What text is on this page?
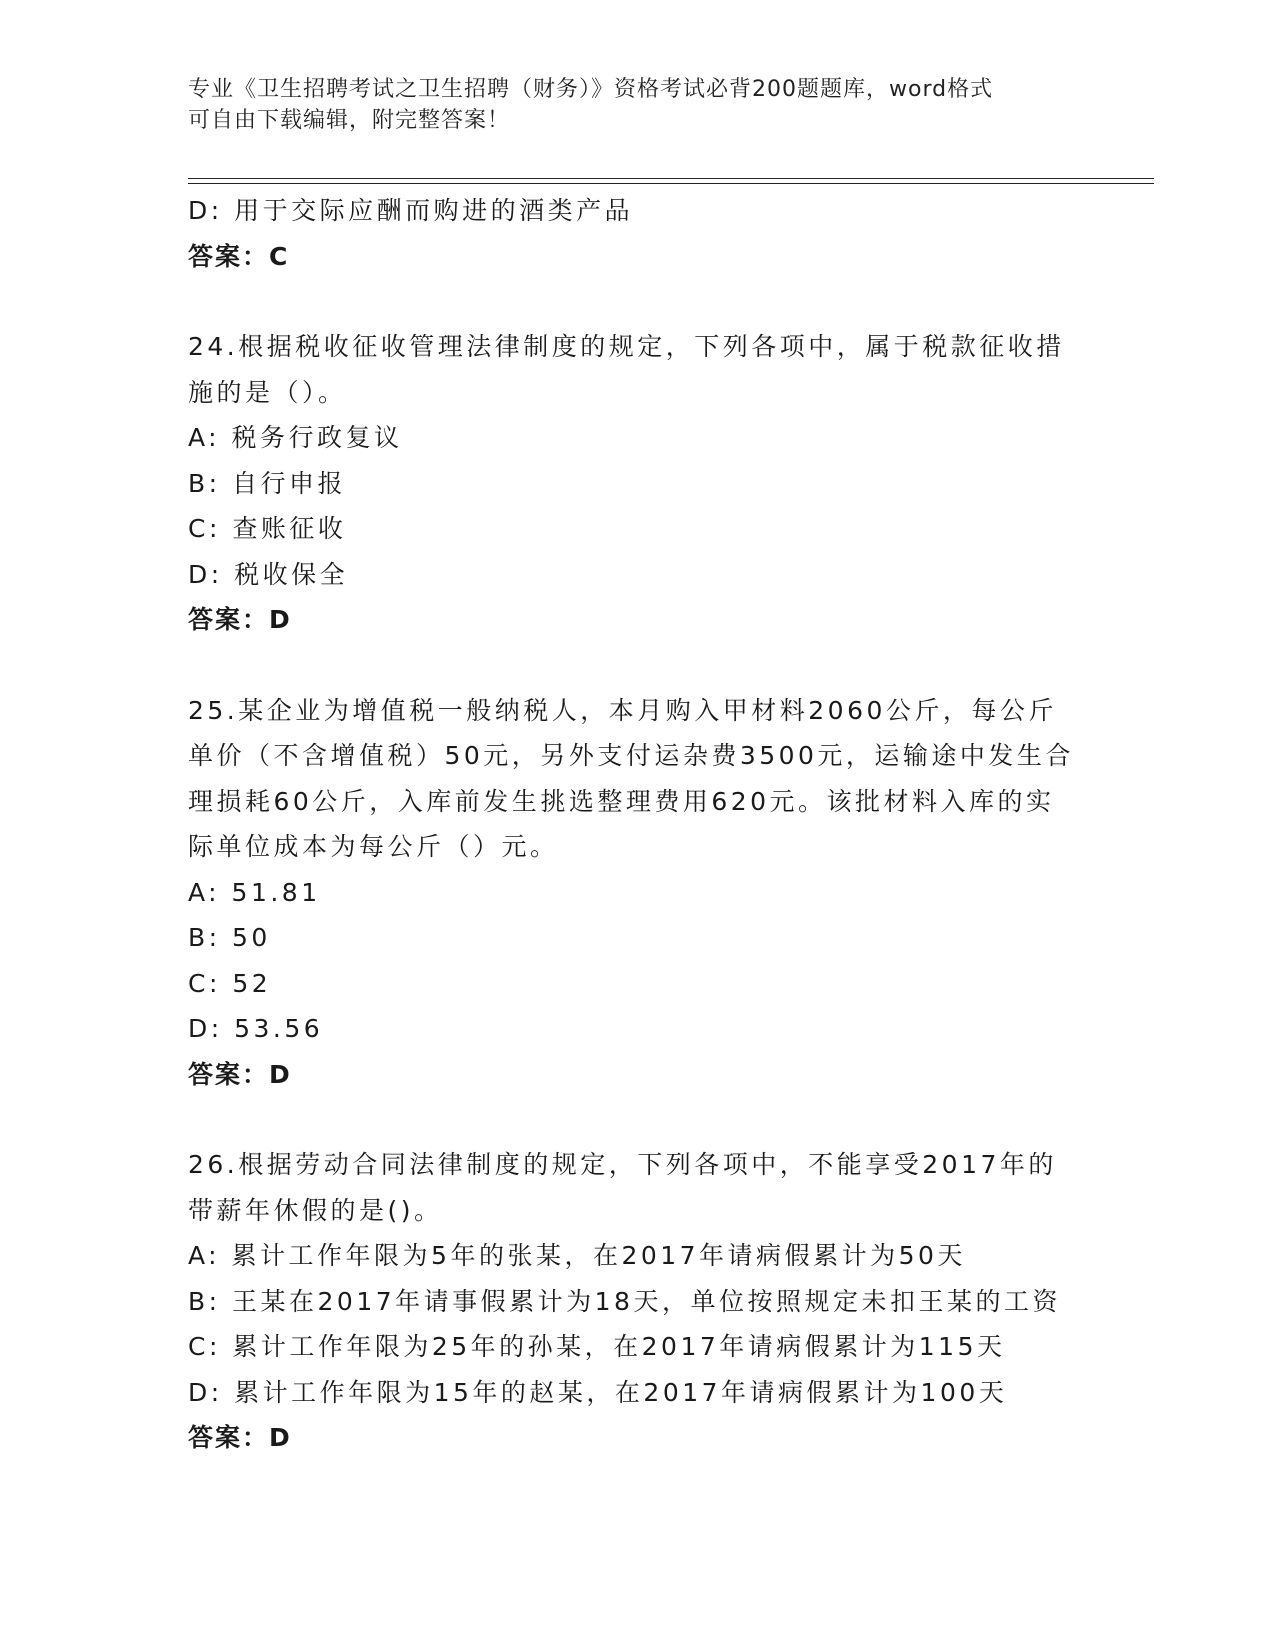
专业《卫生招聘考试之卫生招聘（财务）》资格考试必背200题题库，word格式
可自由下载编辑，附完整答案！
D: 用于交际应酬而购进的酒类产品
答案：C
24.根据税收征收管理法律制度的规定，下列各项中，属于税款征收措
施的是（）。
A: 税务行政复议
B: 自行申报
C: 查账征收
D: 税收保全
答案：D
25.某企业为增值税一般纳税人，本月购入甲材料2060公斤，每公斤
单价（不含增值税）50元，另外支付运杂费3500元，运输途中发生合
理损耗60公斤，入库前发生挑选整理费用620元。该批材料入库的实
际单位成本为每公斤（）元。
A: 51.81
B: 50
C: 52
D: 53.56
答案：D
26.根据劳动合同法律制度的规定，下列各项中，不能享受2017年的
带薪年休假的是()。
A: 累计工作年限为5年的张某，在2017年请病假累计为50天
B: 王某在2017年请事假累计为18天，单位按照规定未扣王某的工资
C: 累计工作年限为25年的孙某，在2017年请病假累计为115天
D: 累计工作年限为15年的赵某，在2017年请病假累计为100天
答案：D
